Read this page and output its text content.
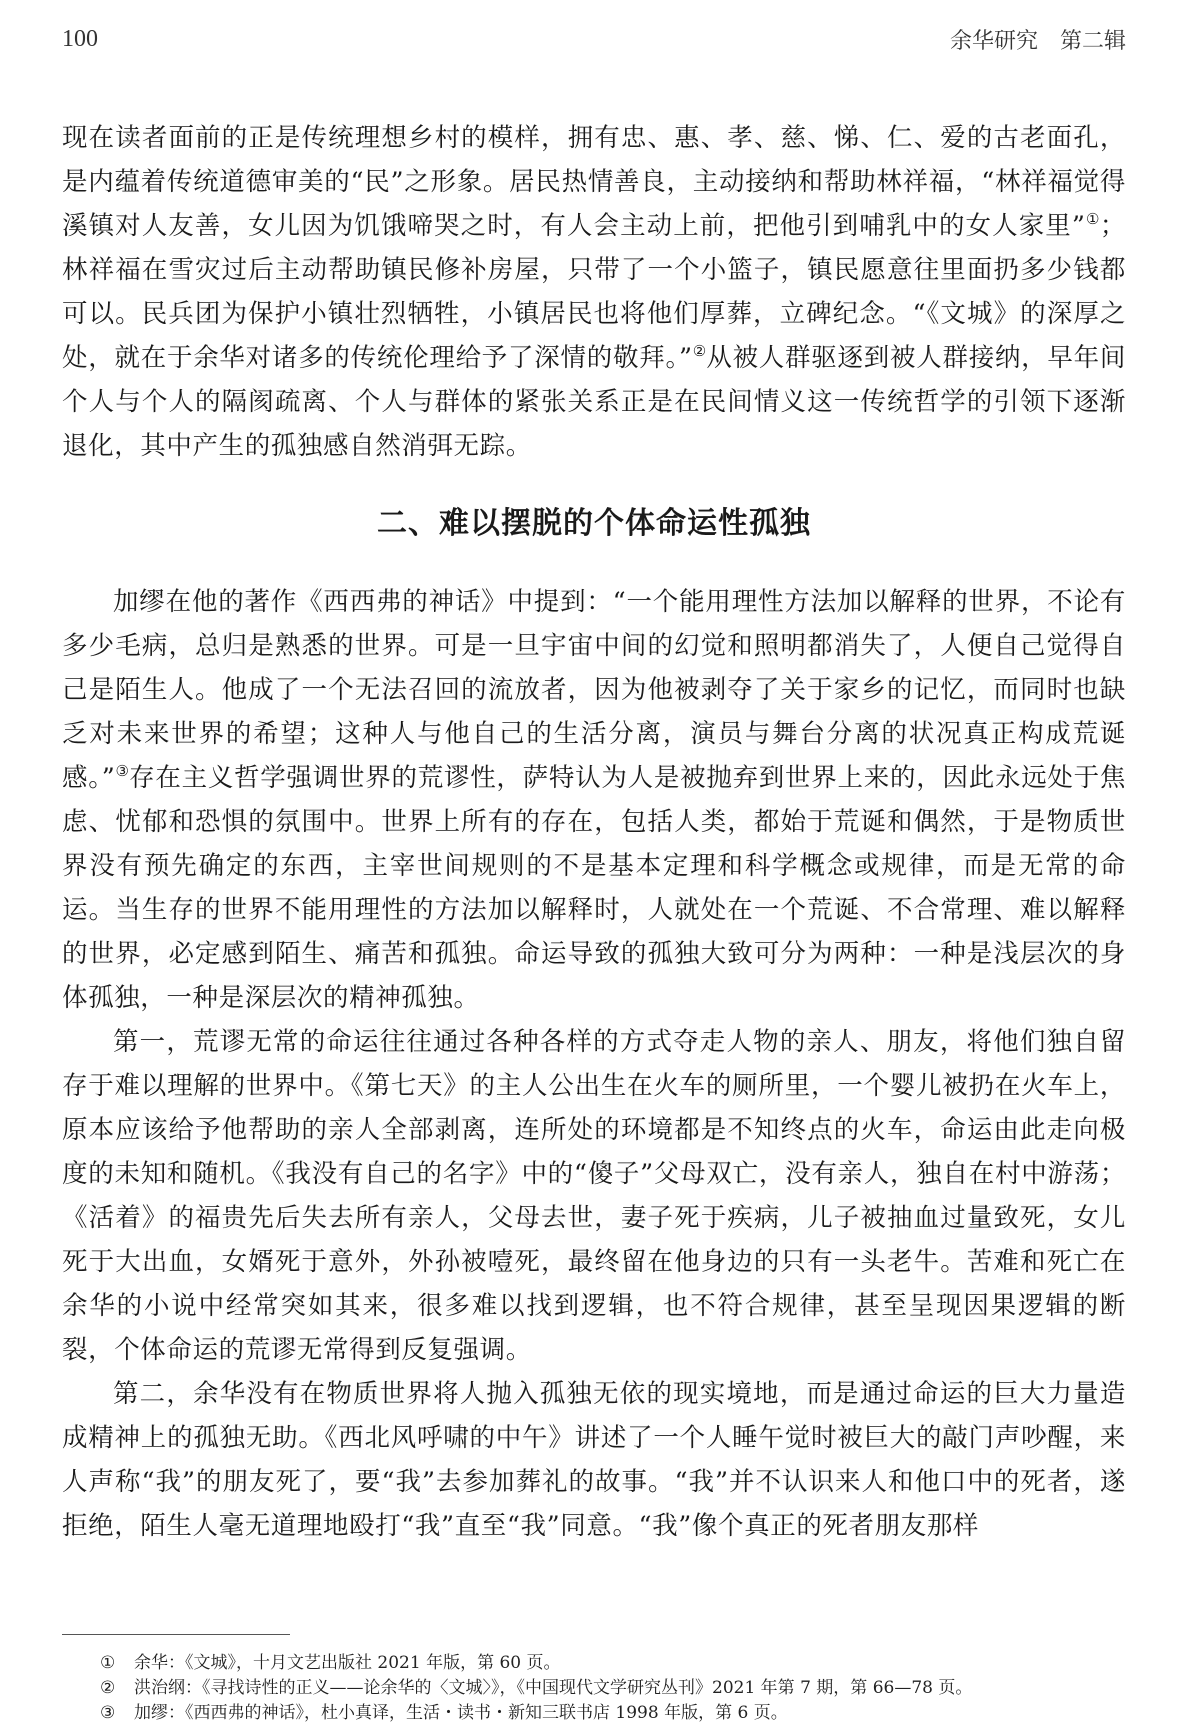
100	余华研究　第二辑

现在读者面前的正是传统理想乡村的模样，拥有忠、惠、孝、慈、悌、仁、爱的古老面孔，是内蕴着传统道德审美的“民”之形象。居民热情善良，主动接纳和帮助林祥福，“林祥福觉得溪镇对人友善，女儿因为饥饿啼哭之时，有人会主动上前，把他引到哺乳中的女人家里”①；林祥福在雪灾过后主动帮助镇民修补房屋，只带了一个小篮子，镇民愿意往里面扔多少钱都可以。民兵团为保护小镇壮烈牺牲，小镇居民也将他们厚葬，立碑纪念。“《文城》的深厚之处，就在于余华对诸多的传统伦理给予了深情的敬拜。”②从被人群驱逐到被人群接纳，早年间个人与个人的隔阂疏离、个人与群体的紧张关系正是在民间情义这一传统哲学的引领下逐渐退化，其中产生的孤独感自然消弭无踪。

二、难以摆脱的个体命运性孤独

加缪在他的著作《西西弗的神话》中提到：“一个能用理性方法加以解释的世界，不论有多少毛病，总归是熟悉的世界。可是一旦宇宙中间的幻觉和照明都消失了，人便自己觉得自己是陌生人。他成了一个无法召回的流放者，因为他被剥夺了关于家乡的记忆，而同时也缺乏对未来世界的希望；这种人与他自己的生活分离，演员与舞台分离的状况真正构成荒诞感。”③存在主义哲学强调世界的荒谬性，萨特认为人是被抛弃到世界上来的，因此永远处于焦虑、忧郁和恐惧的氛围中。世界上所有的存在，包括人类，都始于荒诞和偶然，于是物质世界没有预先确定的东西，主宰世间规则的不是基本定理和科学概念或规律，而是无常的命运。当生存的世界不能用理性的方法加以解释时，人就处在一个荒诞、不合常理、难以解释的世界，必定感到陌生、痛苦和孤独。命运导致的孤独大致可分为两种：一种是浅层次的身体孤独，一种是深层次的精神孤独。

第一，荒谬无常的命运往往通过各种各样的方式夺走人物的亲人、朋友，将他们独自留存于难以理解的世界中。《第七天》的主人公出生在火车的厕所里，一个婴儿被扔在火车上，原本应该给予他帮助的亲人全部剥离，连所处的环境都是不知终点的火车，命运由此走向极度的未知和随机。《我没有自己的名字》中的“傻子”父母双亡，没有亲人，独自在村中游荡；《活着》的福贵先后失去所有亲人，父母去世，妻子死于疾病，儿子被抽血过量致死，女儿死于大出血，女婿死于意外，外孙被噎死，最终留在他身边的只有一头老牛。苦难和死亡在余华的小说中经常突如其来，很多难以找到逻辑，也不符合规律，甚至呈现因果逻辑的断裂，个体命运的荒谬无常得到反复强调。

第二，余华没有在物质世界将人抛入孤独无依的现实境地，而是通过命运的巨大力量造成精神上的孤独无助。《西北风呼啸的中午》讲述了一个人睡午觉时被巨大的敲门声吵醒，来人声称“我”的朋友死了，要“我”去参加葬礼的故事。“我”并不认识来人和他口中的死者，遂拒绝，陌生人毫无道理地殴打“我”直至“我”同意。“我”像个真正的死者朋友那样

①	余华：《文城》，十月文艺出版社 2021 年版，第 60 页。
②	洪治纲：《寻找诗性的正义——论余华的〈文城〉》，《中国现代文学研究丛刊》2021 年第 7 期，第 66—78 页。
③	加缪：《西西弗的神话》，杜小真译，生活・读书・新知三联书店 1998 年版，第 6 页。
